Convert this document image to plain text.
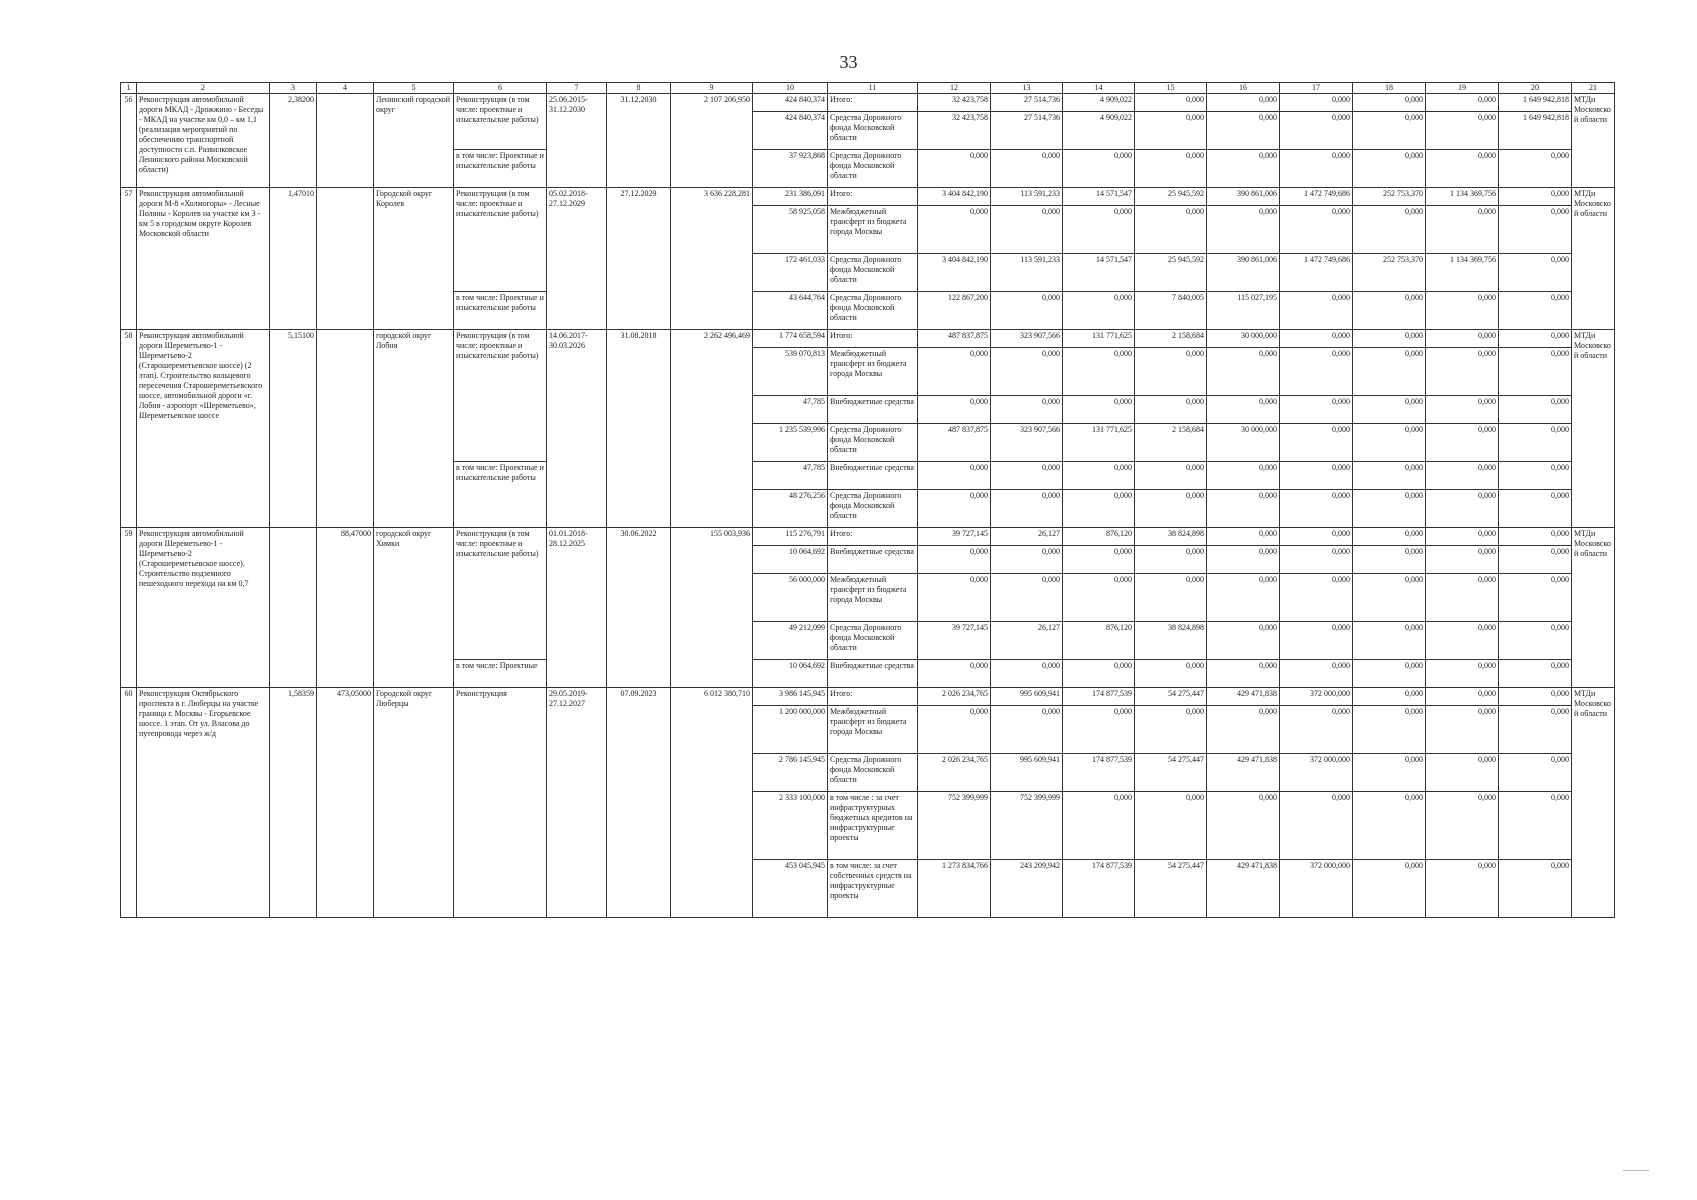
33
1	2	3	4	5	6	7	8	9	10	11	12	13	14	15	16	17	18	19	20	21
56	Реконструкция автомобильной дороги МКАД - Дрожжино - Беседы - МКАД на участке км 0,0 – км 1,1 (реализация мероприятий по обеспечению транспортной доступности с.п. Развилковское Ленинского района Московской области)	2,38200		Ленинский городской округ	Реконструкция (в том числе: проектные и изыскательские работы)	25.06.2015-31.12.2030	31.12.2030	2 107 206,950	424 840,374	Итого:	32 423,758	27 514,736	4 909,022	0,000	0,000	0,000	0,000	0,000	1 649 942,818	МТДи Московской области
									424 840,374	Средства Дорожного фонда Московской области	32 423,758	27 514,736	4 909,022	0,000	0,000	0,000	0,000	0,000	1 649 942,818	
					в том числе: Проектные и изыскательские работы				37 923,868	Средства Дорожного фонда Московской области	0,000	0,000	0,000	0,000	0,000	0,000	0,000	0,000	0,000	
57	Реконструкция автомобильной дороги М-8 «Холмогоры» - Лесные Поляны - Королев на участке км 3 - км 5 в городском округе Королев Московской области	1,47010		Городской округ Королев	Реконструкция (в том числе: проектные и изыскательские работы)	05.02.2018-27.12.2029	27.12.2029	3 636 228,281	231 386,091	Итого:	3 404 842,190	113 591,233	14 571,547	25 945,592	390 861,006	1 472 749,686	252 753,370	1 134 369,756	0,000	МТДи Московской области
									58 925,058	Межбюджетный трансферт из бюджета города Москвы	0,000	0,000	0,000	0,000	0,000	0,000	0,000	0,000	0,000	
									172 461,033	Средства Дорожного фонда Московской области	3 404 842,190	113 591,233	14 571,547	25 945,592	390 861,006	1 472 749,686	252 753,370	1 134 369,756	0,000	
					в том числе: Проектные и изыскательские работы				43 644,764	Средства Дорожного фонда Московской области	122 867,200	0,000	0,000	7 840,005	115 027,195	0,000	0,000	0,000	0,000	
58	Реконструкция автомобильной дороги Шереметьево-1 - Шереметьево-2 (Старошереметьевское шоссе) (2 этап). Строительство кольцевого пересечения Старошереметьевского шоссе, автомобильной дороги «г. Лобня - аэропорт «Шереметьево», Шереметьевское шоссе	5,15100		городской округ Лобня	Реконструкция (в том числе: проектные и изыскательские работы)	14.06.2017-30.03.2026	31.08.2018	2 262 496,469	1 774 658,594	Итого:	487 837,875	323 907,566	131 771,625	2 158,684	30 000,000	0,000	0,000	0,000	0,000	МТДи Московской области
									539 070,813	Межбюджетный трансферт из бюджета города Москвы	0,000	0,000	0,000	0,000	0,000	0,000	0,000	0,000	0,000	
									47,785	Внебюджетные средства	0,000	0,000	0,000	0,000	0,000	0,000	0,000	0,000	0,000	
									1 235 539,996	Средства Дорожного фонда Московской области	487 837,875	323 907,566	131 771,625	2 158,684	30 000,000	0,000	0,000	0,000	0,000	
					в том числе: Проектные и изыскательские работы				47,785	Внебюджетные средства	0,000	0,000	0,000	0,000	0,000	0,000	0,000	0,000	0,000	
									48 276,256	Средства Дорожного фонда Московской области	0,000	0,000	0,000	0,000	0,000	0,000	0,000	0,000	0,000	
59	Реконструкция автомобильной дороги Шереметьево-1 - Шереметьево-2 (Старошереметьевское шоссе). Строительство подземного пешеходного перехода на км 0,7		88,47000	городской округ Химки	Реконструкция (в том числе: проектные и изыскательские работы)	01.01.2018-28.12.2025	30.06.2022	155 003,936	115 276,791	Итого:	39 727,145	26,127	876,120	38 824,898	0,000	0,000	0,000	0,000	0,000	МТДи Московской области
									10 064,692	Внебюджетные средства	0,000	0,000	0,000	0,000	0,000	0,000	0,000	0,000	0,000	
									56 000,000	Межбюджетный трансферт из бюджета города Москвы	0,000	0,000	0,000	0,000	0,000	0,000	0,000	0,000	0,000	
									49 212,099	Средства Дорожного фонда Московской области	39 727,145	26,127	876,120	38 824,898	0,000	0,000	0,000	0,000	0,000	
					в том числе: Проектные				10 064,692	Внебюджетные средства	0,000	0,000	0,000	0,000	0,000	0,000	0,000	0,000	0,000	
60	Реконструкция Октябрьского проспекта в г. Люберцы на участке граница г. Москвы - Егорьевское шоссе. 1 этап. От ул. Власова до путепровода через ж/д	1,58359	473,05000	Городской округ Люберцы	Реконструкция	29.05.2019-27.12.2027	07.09.2023	6 012 380,710	3 986 145,945	Итого:	2 026 234,765	995 609,941	174 877,539	54 275,447	429 471,838	372 000,000	0,000	0,000	0,000	МТДи Московской области
									1 200 000,000	Межбюджетный трансферт из бюджета города Москвы	0,000	0,000	0,000	0,000	0,000	0,000	0,000	0,000	0,000	
									2 786 145,945	Средства Дорожного фонда Московской области	2 026 234,765	995 609,941	174 877,539	54 275,447	429 471,838	372 000,000	0,000	0,000	0,000	
									2 333 100,000	в том числе : за счет инфраструктурных бюджетных кредитов на инфраструктурные проекты	752 399,999	752 399,999	0,000	0,000	0,000	0,000	0,000	0,000	0,000	
									453 045,945	в том числе: за счет собственных средств на инфраструктурные проекты	1 273 834,766	243 209,942	174 877,539	54 275,447	429 471,838	372 000,000	0,000	0,000	0,000	
